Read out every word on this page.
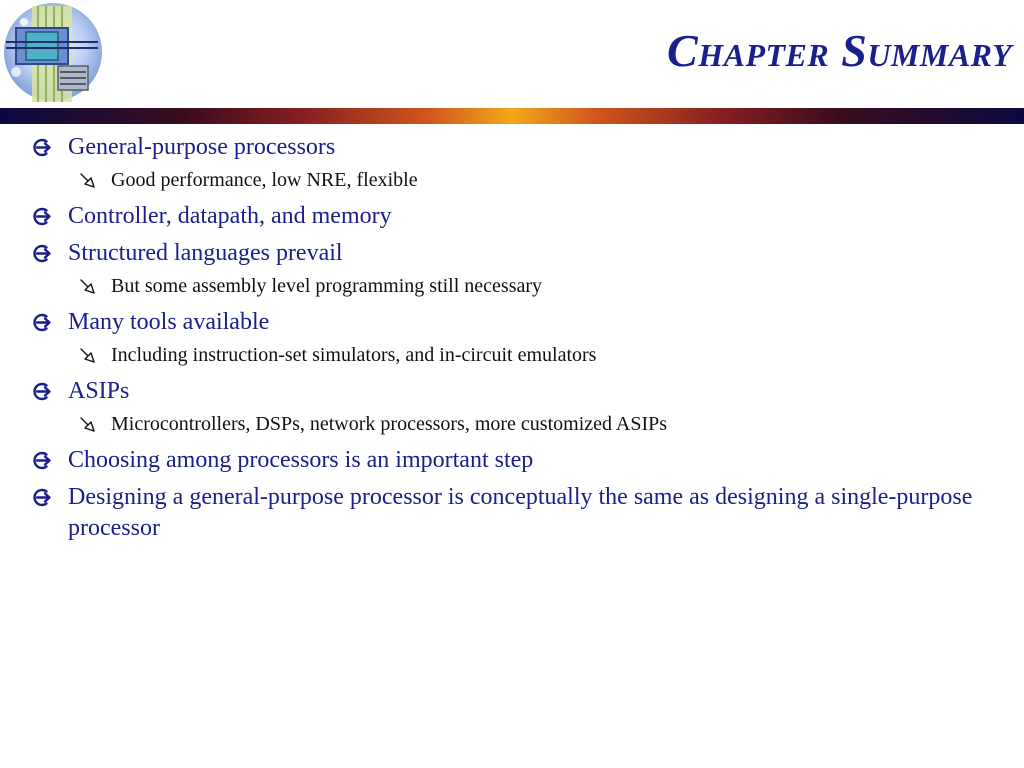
Chapter Summary
General-purpose processors
Good performance, low NRE, flexible
Controller, datapath, and memory
Structured languages prevail
But some assembly level programming still necessary
Many tools available
Including instruction-set simulators, and in-circuit emulators
ASIPs
Microcontrollers, DSPs, network processors, more customized ASIPs
Choosing among processors is an important step
Designing a general-purpose processor is conceptually the same as designing a single-purpose processor
